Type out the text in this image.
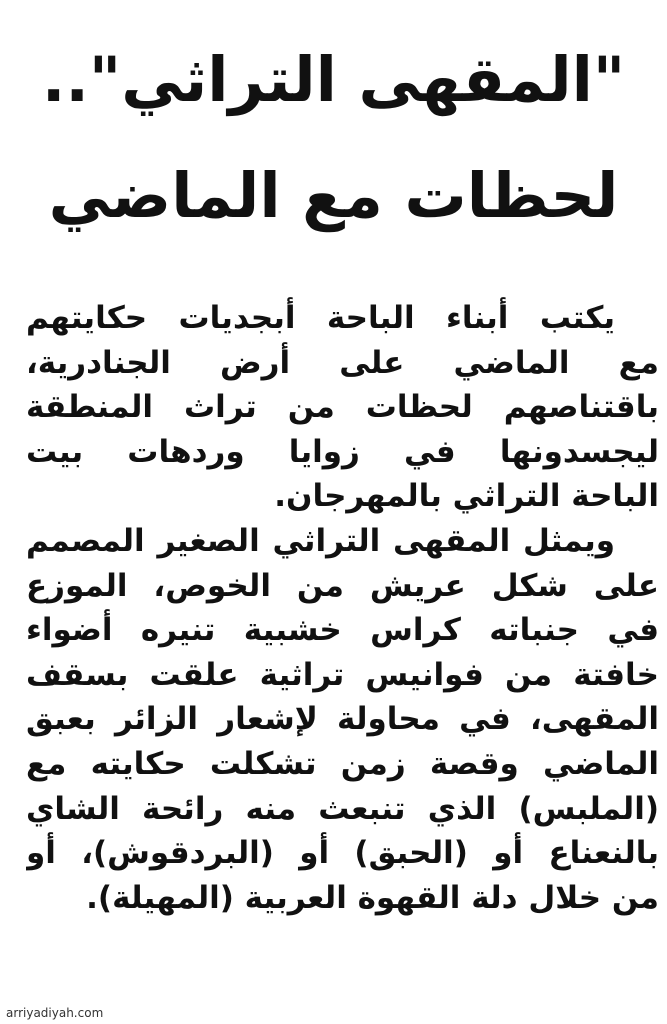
"المقهى التراثي"..
لحظات مع الماضي

يكتب أبناء الباحة أبجديات حكايتهم
مع الماضي على أرض الجنادرية،
باقتناصهم لحظات من تراث المنطقة
ليجسدونها في زوايا وردهات بيت
الباحة التراثي بالمهرجان.

ويمثل المقهى التراثي الصغير المصمم
على شكل عريش من الخوص، الموزع
في جنباته كراس خشبية تنيره أضواء
خافتة من فوانيس تراثية علقت بسقف
المقهى، في محاولة لإشعار الزائر بعبق
الماضي وقصة زمن تشكلت حكايته مع
(الملبس) الذي تنبعث منه رائحة الشاي
بالنعناع أو (الحبق) أو (البردقوش)، أو
من خلال دلة القهوة العربية (المهيلة).

arriyadiyah.com
